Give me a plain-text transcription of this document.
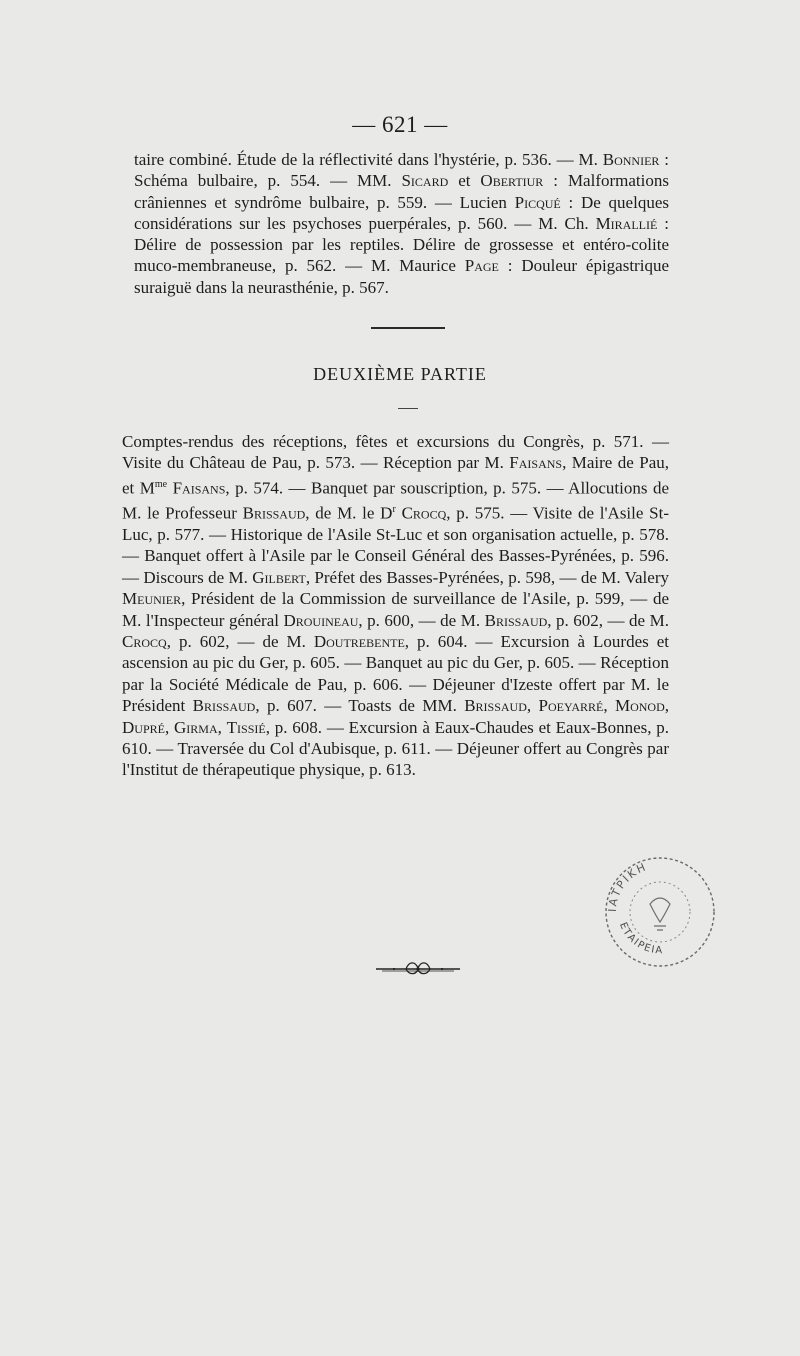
— 621 —

taire combiné. Étude de la réflectivité dans l'hystérie, p. 536. — M. Bonnier : Schéma bulbaire, p. 554. — MM. Sicard et Obertiur : Malformations crâniennes et syndrôme bulbaire, p. 559. — Lucien Picqué : De quelques considérations sur les psychoses puerpérales, p. 560. — M. Ch. Mirallié : Délire de possession par les reptiles. Délire de grossesse et entéro-colite muco-membraneuse, p. 562. — M. Maurice Page : Douleur épigastrique suraiguë dans la neurasthénie, p. 567.

DEUXIÈME PARTIE

Comptes-rendus des réceptions, fêtes et excursions du Congrès, p. 571. — Visite du Château de Pau, p. 573. — Réception par M. Faisans, Maire de Pau, et $M^{me}$ Faisans, p. 574. — Banquet par souscription, p. 575. — Allocutions de M. le Professeur Brissaud, de M. le $D^r$ Crocq, p. 575. — Visite de l'Asile St-Luc, p. 577. — Historique de l'Asile St-Luc et son organisation actuelle, p. 578. — Banquet offert à l'Asile par le Conseil Général des Basses-Pyrénées, p. 596. — Discours de M. Gilbert, Préfet des Basses-Pyrénées, p. 598, — de M. Valery Meunier, Président de la Commission de surveillance de l'Asile, p. 599, — de M. l'Inspecteur général Drouineau, p. 600, — de M. Brissaud, p. 602, — de M. Crocq, p. 602, — de M. Doutrebente, p. 604. — Excursion à Lourdes et ascension au pic du Ger, p. 605. — Banquet au pic du Ger, p. 605. — Réception par la Société Médicale de Pau, p. 606. — Déjeuner d'Izeste offert par M. le Président Brissaud, p. 607. — Toasts de MM. Brissaud, Poeyarré, Monod, Dupré, Girma, Tissié, p. 608. — Excursion à Eaux-Chaudes et Eaux-Bonnes, p. 610. — Traversée du Col d'Aubisque, p. 611. — Déjeuner offert au Congrès par l'Institut de thérapeutique physique, p. 613.

ΙΑΤΡΙΚΗ
ΕΤΑΙΡΕΙΑ
